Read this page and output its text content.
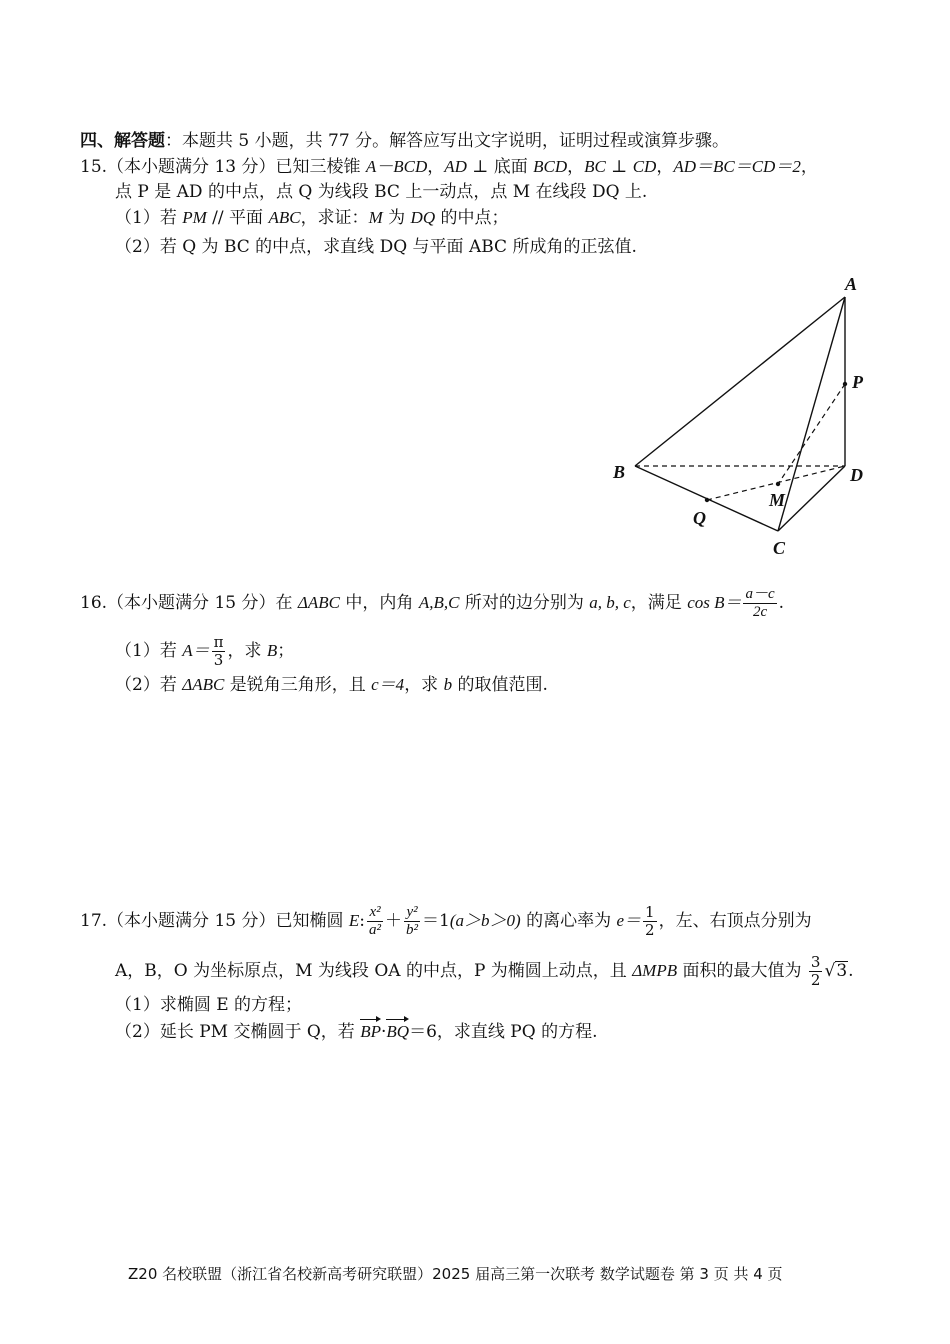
四、解答题：本题共 5 小题，共 77 分。解答应写出文字说明，证明过程或演算步骤。
15.（本小题满分 13 分）已知三棱锥 A－BCD，AD ⊥ 底面 BCD，BC ⊥ CD，AD＝BC＝CD＝2，
点 P 是 AD 的中点，点 Q 为线段 BC 上一动点，点 M 在线段 DQ 上.
（1）若 PM // 平面 ABC，求证：M 为 DQ 的中点；
（2）若 Q 为 BC 的中点，求直线 DQ 与平面 ABC 所成角的正弦值.
A
P
B	D
M
Q
C
16.（本小题满分 15 分）在 ΔABC 中，内角 A,B,C 所对的边分别为 a, b, c，满足 $\cos B= \frac{a-c}{2c}$ .
（1）若 $A= \frac{\pi}{3}$ ，求 B；
（2）若 ΔABC 是锐角三角形，且 c＝4，求 b 的取值范围.
17.（本小题满分 15 分）已知椭圆 E: $\frac{\text{x²}}{\text{a²}} + \frac{\text{y²}}{\text{b²}} =1(a>b>0)$ 的离心率为 $e= \frac{1}{2}$ ，左、右顶点分别为
A，B，O 为坐标原点，M 为线段 OA 的中点，P 为椭圆上动点，且 ΔMPB 面积的最大值为 $\frac{3}{2} √3$.
（1）求椭圆 E 的方程；
（2）延长 PM 交椭圆于 Q，若 BP·BQ＝6，求直线 PQ 的方程.
Z20 名校联盟（浙江省名校新高考研究联盟）2025 届高三第一次联考 数学试题卷 第 3 页 共 4 页
